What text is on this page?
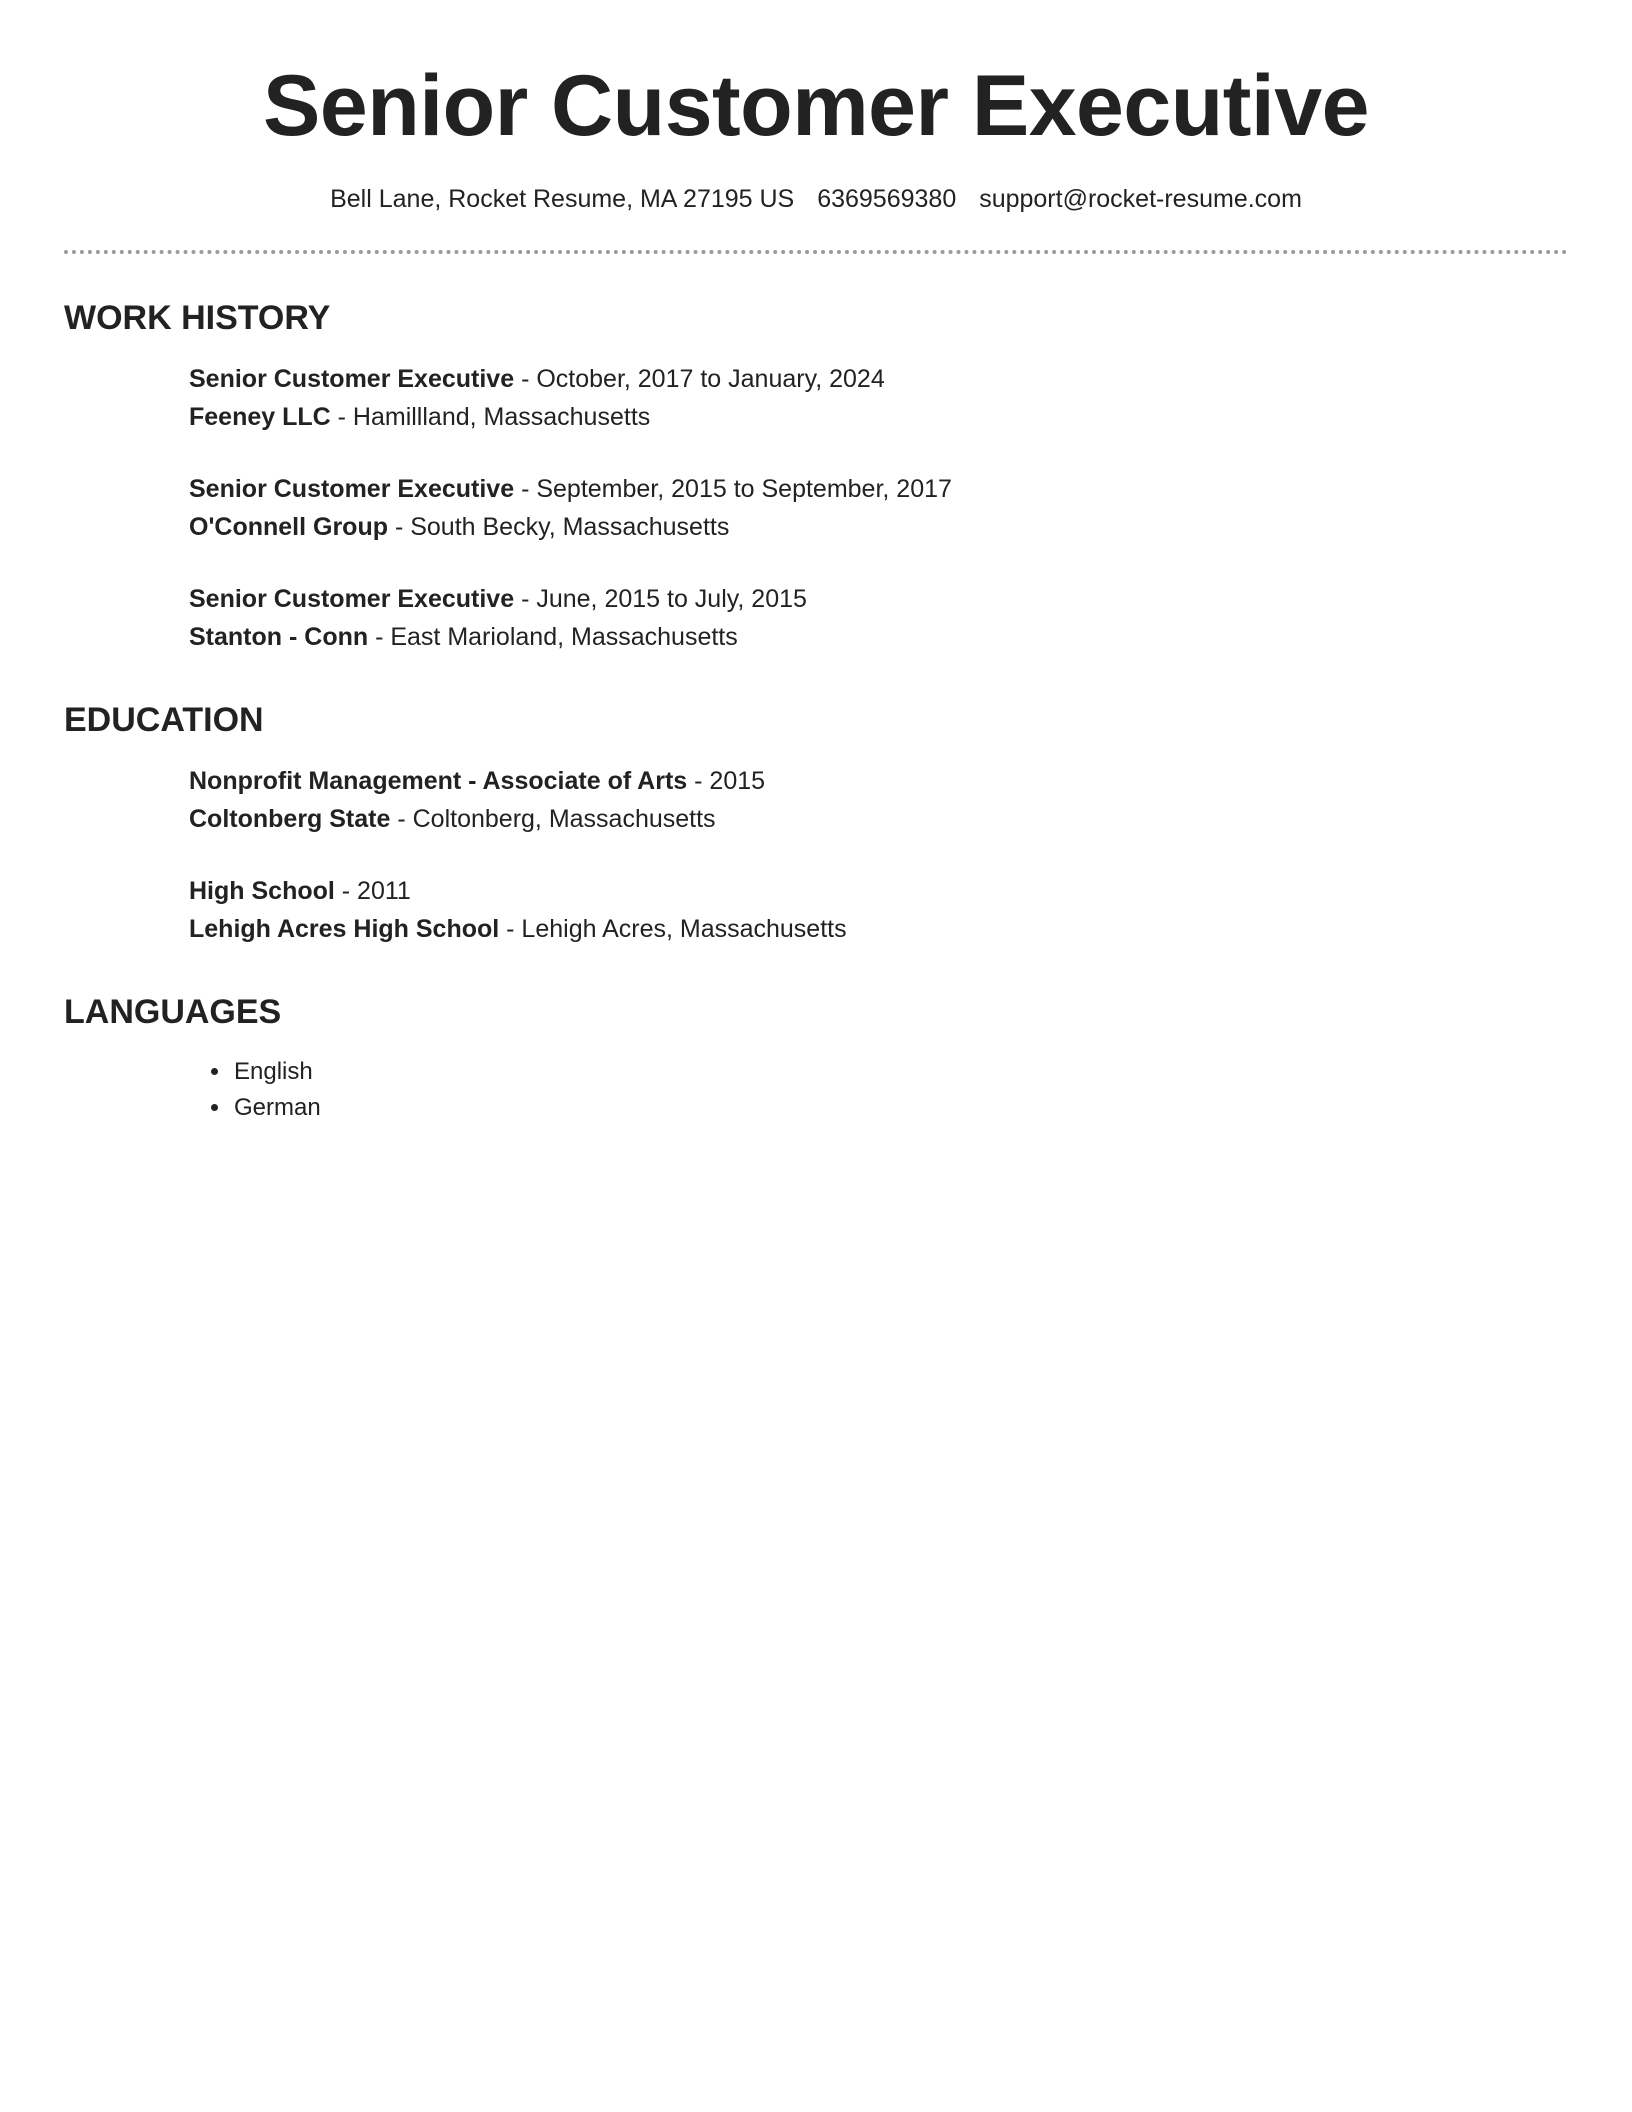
Senior Customer Executive
Bell Lane, Rocket Resume, MA 27195 US 6369569380 support@rocket-resume.com
WORK HISTORY
Senior Customer Executive - October, 2017 to January, 2024
Feeney LLC - Hamillland, Massachusetts
Senior Customer Executive - September, 2015 to September, 2017
O'Connell Group - South Becky, Massachusetts
Senior Customer Executive - June, 2015 to July, 2015
Stanton - Conn - East Marioland, Massachusetts
EDUCATION
Nonprofit Management - Associate of Arts - 2015
Coltonberg State - Coltonberg, Massachusetts
High School - 2011
Lehigh Acres High School - Lehigh Acres, Massachusetts
LANGUAGES
• English
• German
